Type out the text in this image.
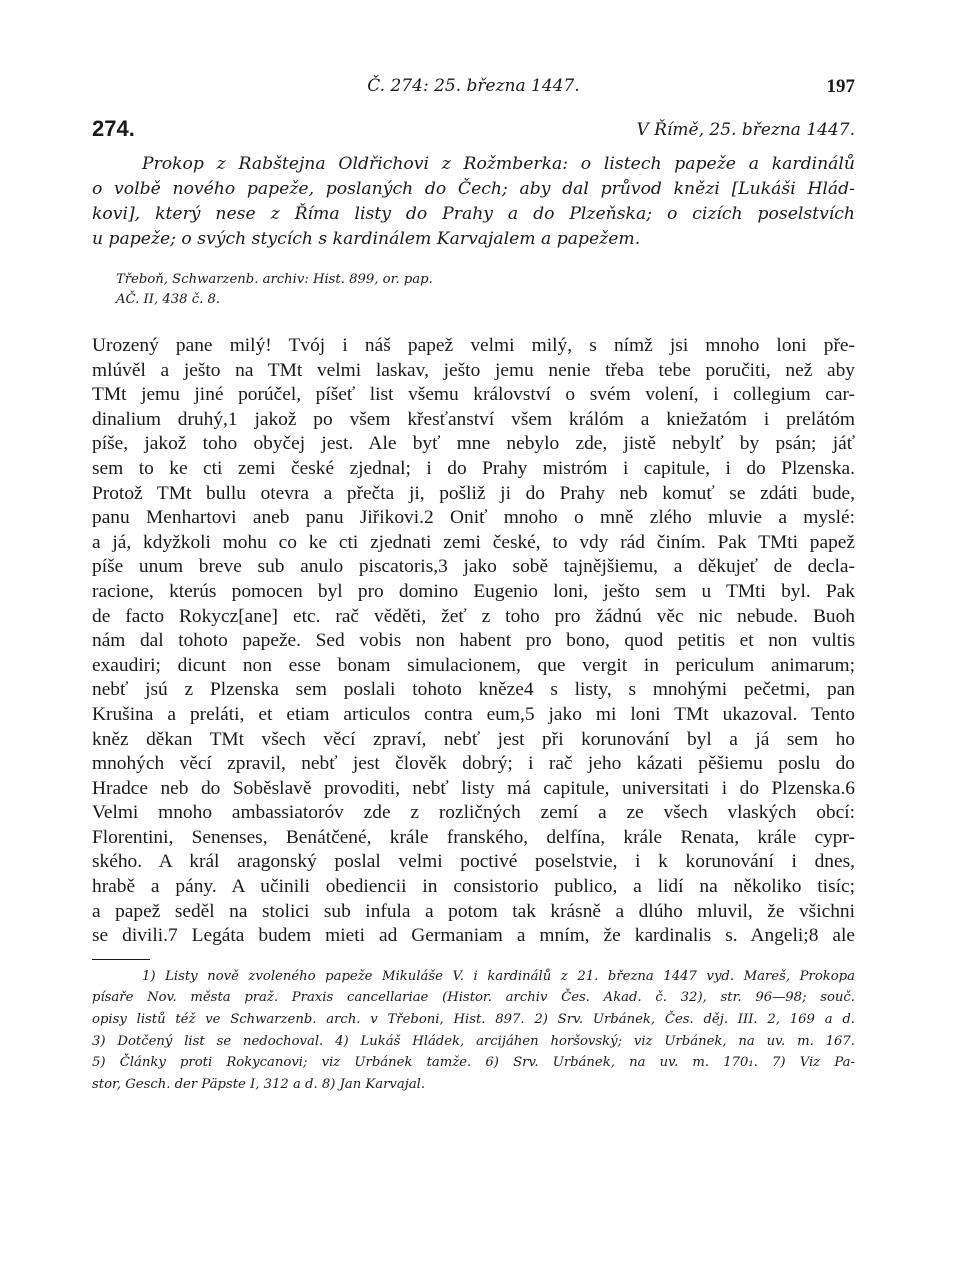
Č. 274: 25. března 1447.	197
274.	V Římě, 25. března 1447.

Prokop z Rabštejna Oldřichovi z Rožmberka: o listech papeže a kardinálů
o volbě nového papeže, poslaných do Čech; aby dal průvod knězi [Lukáši Hlád-
kovi], který nese z Říma listy do Prahy a do Plzeňska; o cizích poselstvích
u papeže; o svých stycích s kardinálem Karvajalem a papežem.

Třeboň, Schwarzenb. archiv: Hist. 899, or. pap.
AČ. II, 438 č. 8.
Urozený pane milý! Tvój i náš papež velmi milý, s nímž jsi mnoho loni pře-
mlúvěl a ješto na TMt velmi laskav, ješto jemu nenie třeba tebe poručiti, než aby
TMt jemu jiné porúčel, píšeť list všemu království o svém volení, i collegium car-
dinalium druhý,1 jakož po všem křesťanství všem králóm a kniežatóm i prelátóm
píše, jakož toho obyčej jest. Ale byť mne nebylo zde, jistě nebylť by psán; jáť
sem to ke cti zemi české zjednal; i do Prahy mistróm i capitule, i do Plzenska.
Protož TMt bullu otevra a přečta ji, pošliž ji do Prahy neb komuť se zdáti bude,
panu Menhartovi aneb panu Jiřikovi.2 Oniť mnoho o mně zlého mluvie a myslé:
a já, kdyžkoli mohu co ke cti zjednati zemi české, to vdy rád činím. Pak TMti papež
píše unum breve sub anulo piscatoris,3 jako sobě tajnějšiemu, a děkujeť de decla-
racione, kterús pomocen byl pro domino Eugenio loni, ješto sem u TMti byl. Pak
de facto Rokycz[ane] etc. rač věděti, žeť z toho pro žádnú věc nic nebude. Buoh
nám dal tohoto papeže. Sed vobis non habent pro bono, quod petitis et non vultis
exaudiri; dicunt non esse bonam simulacionem, que vergit in periculum animarum;
nebť jsú z Plzenska sem poslali tohoto kněze4 s listy, s mnohými pečetmi, pan
Krušina a preláti, et etiam articulos contra eum,5 jako mi loni TMt ukazoval. Tento
kněz děkan TMt všech věcí zpraví, nebť jest při korunování byl a já sem ho
mnohých věcí zpravil, nebť jest člověk dobrý; i rač jeho kázati pěšiemu poslu do
Hradce neb do Soběslavě provoditi, nebť listy má capitule, universitati i do Plzenska.6
Velmi mnoho ambassiatoróv zde z rozličných zemí a ze všech vlaských obcí:
Florentini, Senenses, Benátčené, krále franského, delfína, krále Renata, krále cypr-
ského. A král aragonský poslal velmi poctivé poselstvie, i k korunování i dnes,
hrabě a pány. A učinili obediencii in consistorio publico, a lidí na několiko tisíc;
a papež seděl na stolici sub infula a potom tak krásně a dlúho mluvil, že všichni
se divili.7 Legáta budem mieti ad Germaniam a mním, že kardinalis s. Angeli;8 ale
1) Listy nově zvoleného papeže Mikuláše V. i kardinálů z 21. března 1447 vyd. Mareš, Prokopa
písaře Nov. města praž. Praxis cancellariae (Histor. archiv Čes. Akad. č. 32), str. 96—98; souč.
opisy listů též ve Schwarzenb. arch. v Třeboni, Hist. 897. 2) Srv. Urbánek, Čes. děj. III. 2, 169 a d.
3) Dotčený list se nedochoval. 4) Lukáš Hládek, arcijáhen horšovský; viz Urbánek, na uv. m. 167.
5) Články proti Rokycanovi; viz Urbánek tamže. 6) Srv. Urbánek, na uv. m. 170₁. 7) Viz Pa-
stor, Gesch. der Päpste I, 312 a d. 8) Jan Karvajal.
